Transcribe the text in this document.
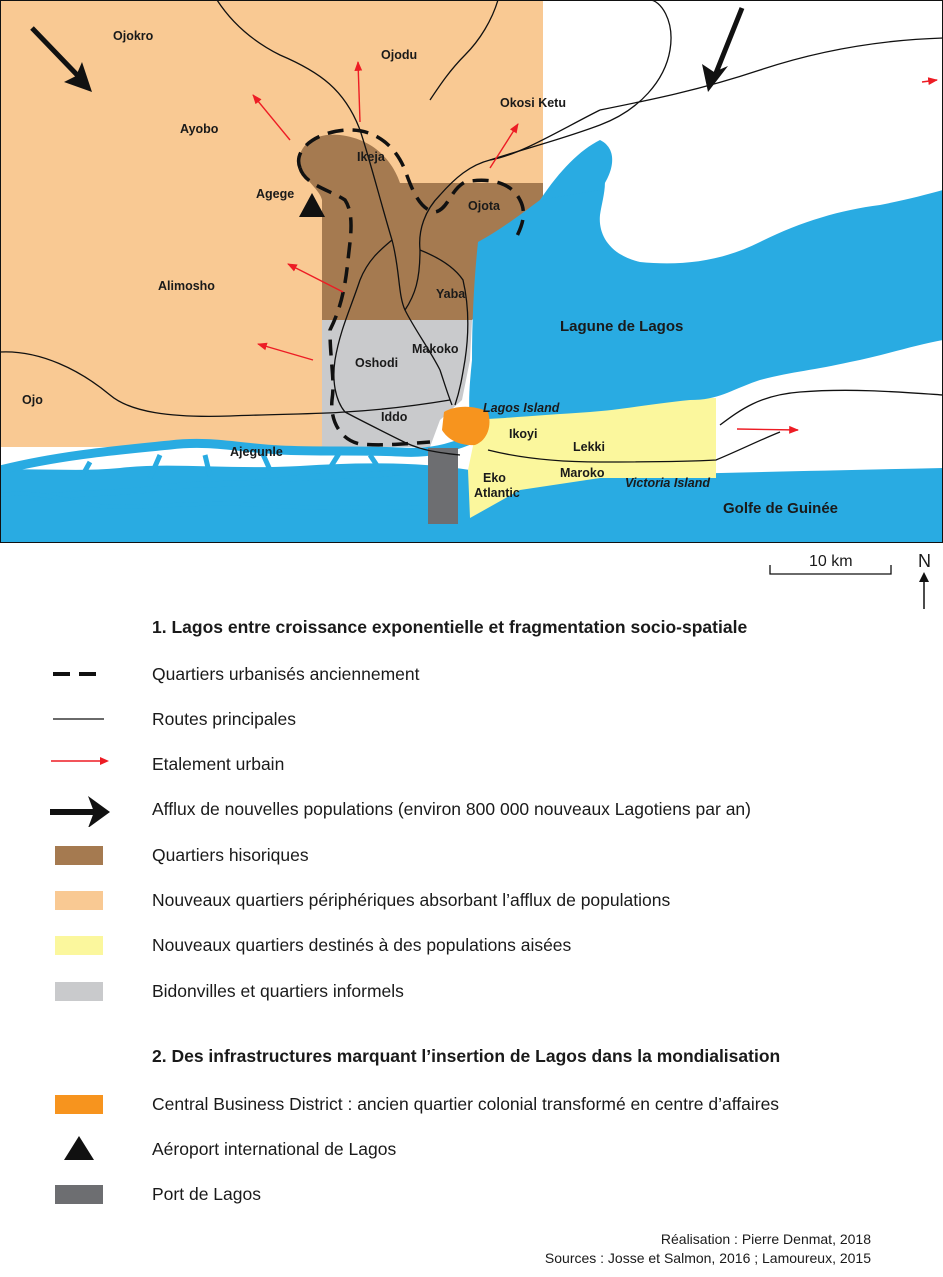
Ojokro
Ojodu
Ayobo
Okosi Ketu
Ikeja
Agege
Ojota
Alimosho
Yaba
Makoko
Oshodi
Ojo
Iddo
Lagos Island
Ikoyi
Lekki
Ajegunle
Maroko
Eko
Atlantic
Victoria Island
Lagune de Lagos
Golfe de Guinée
10 km	N
1. Lagos entre croissance exponentielle et fragmentation socio-spatiale
Quartiers urbanisés anciennement
Routes principales
Etalement urbain
Afflux de nouvelles populations (environ 800 000 nouveaux Lagotiens par an)
Quartiers hisoriques
Nouveaux quartiers périphériques absorbant l’afflux de populations
Nouveaux quartiers destinés à des populations aisées
Bidonvilles et quartiers informels
2. Des infrastructures marquant l’insertion de Lagos dans la mondialisation
Central Business District : ancien quartier colonial transformé en centre d’affaires
Aéroport international de Lagos
Port de Lagos
Réalisation : Pierre Denmat, 2018
Sources : Josse et Salmon, 2016 ; Lamoureux, 2015
